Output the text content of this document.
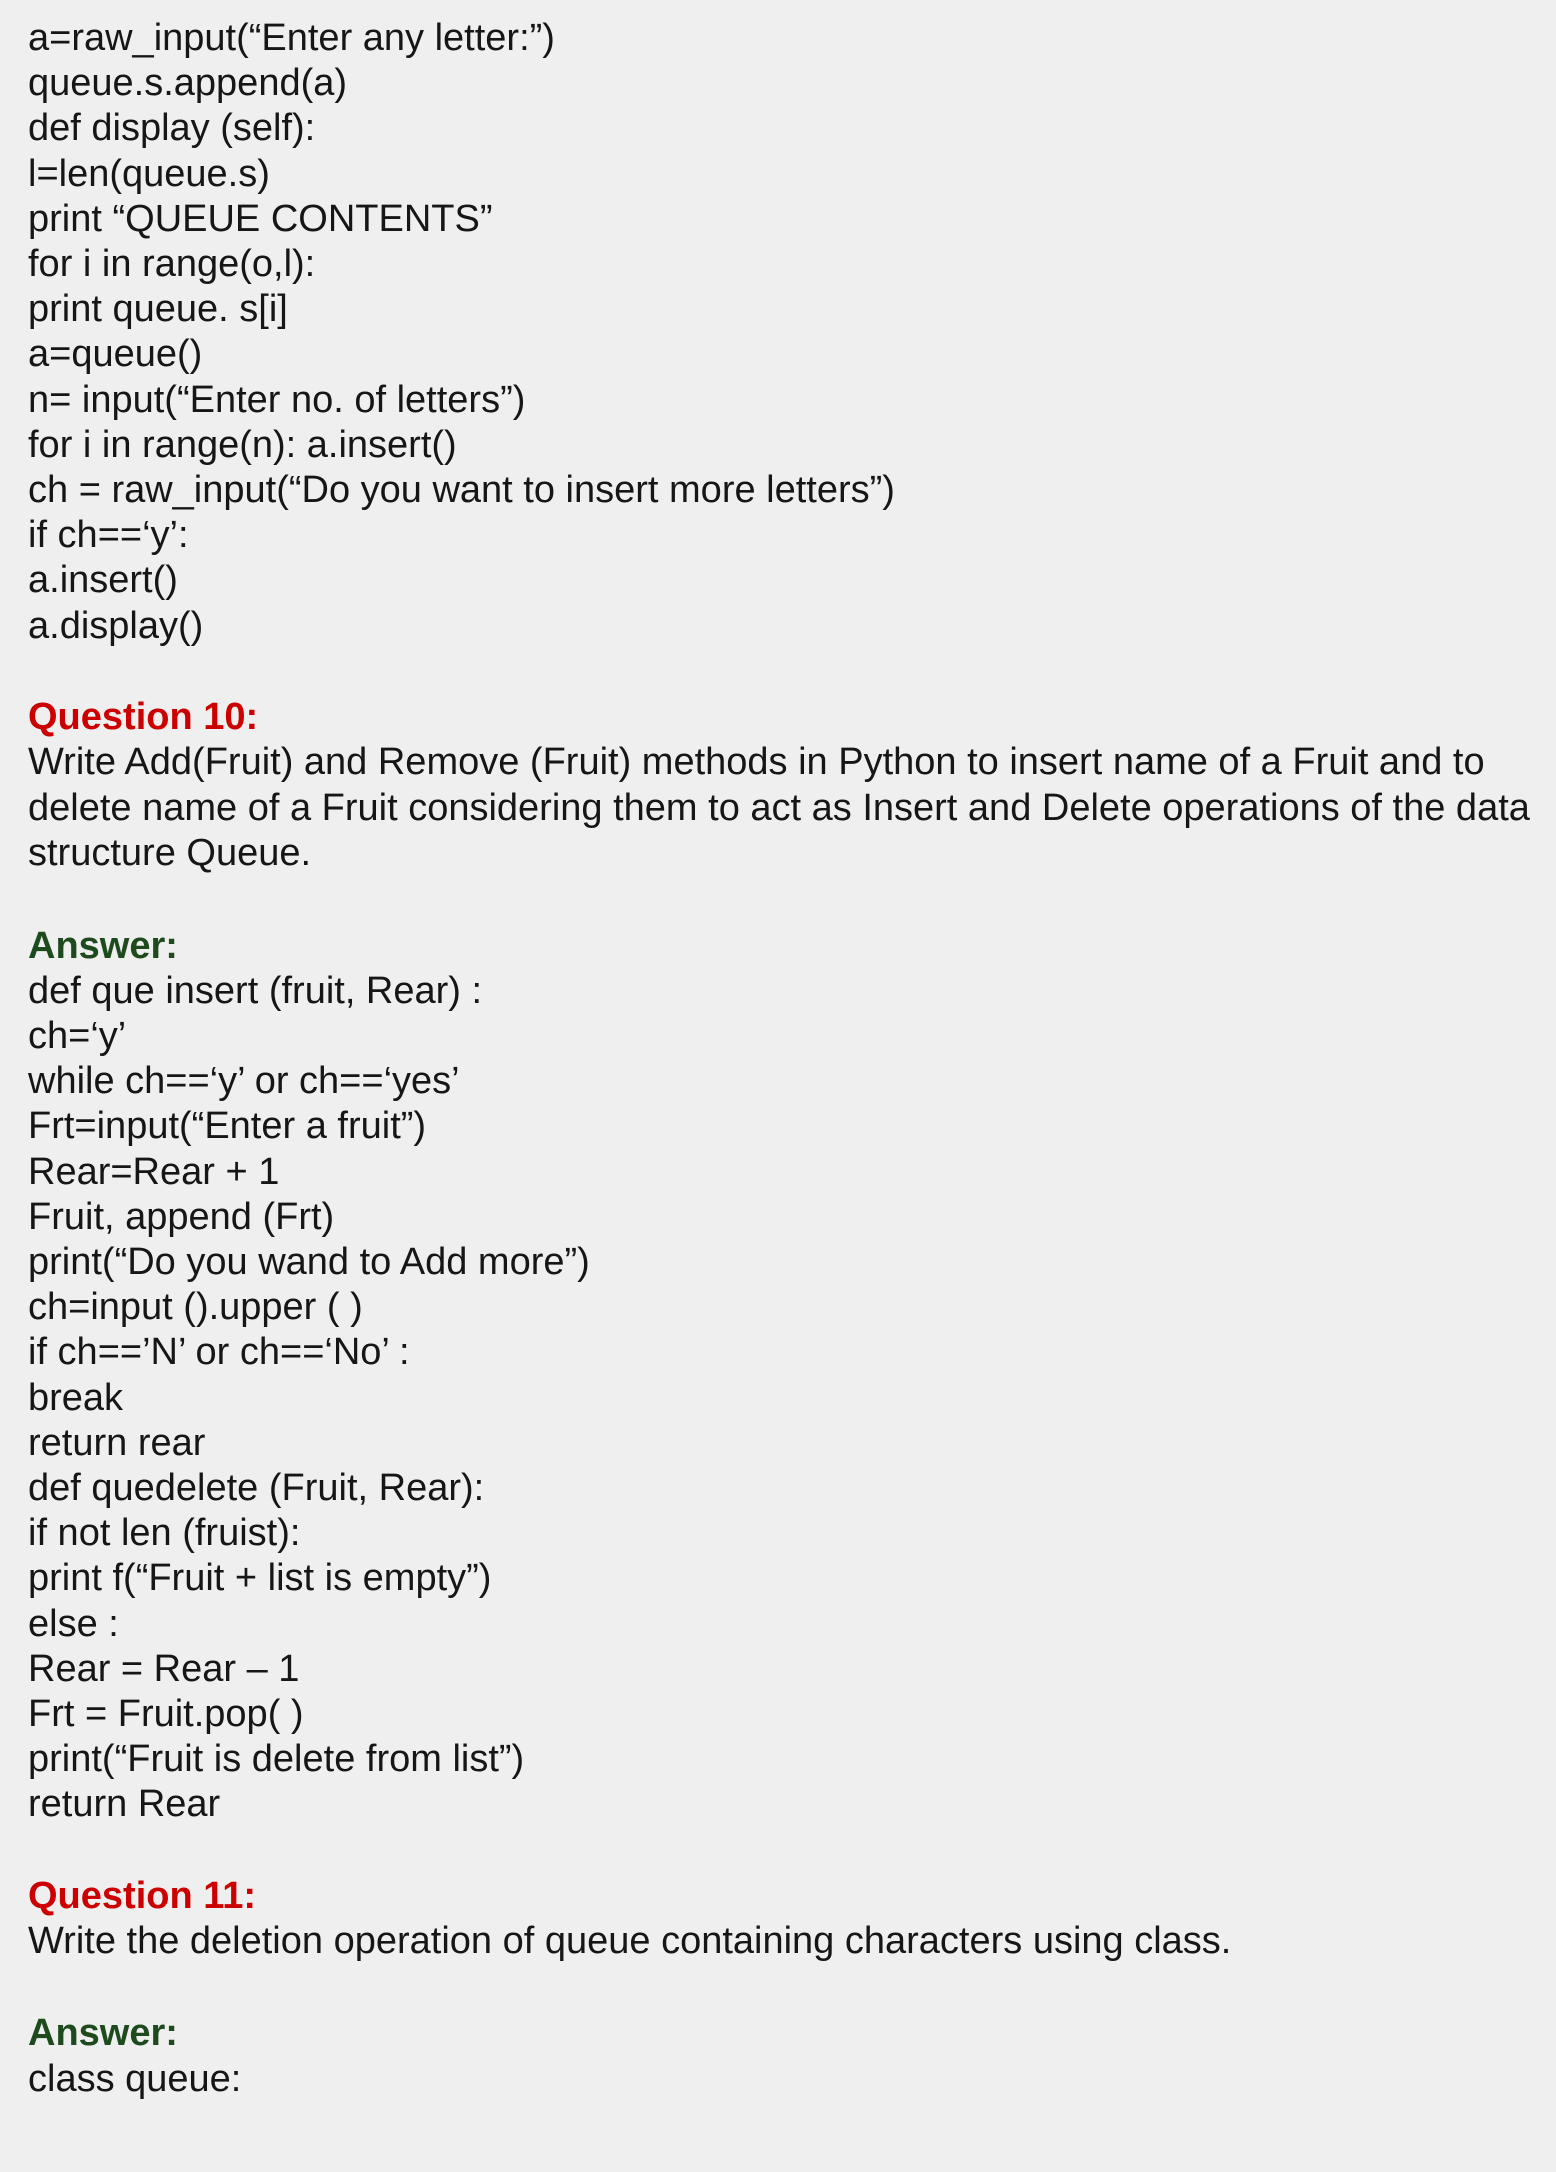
a=raw_input(“Enter any letter:”)
queue.s.append(a)
def display (self):
l=len(queue.s)
print “QUEUE CONTENTS”
for i in range(o,l):
print queue. s[i]
a=queue()
n= input(“Enter no. of letters”)
for i in range(n): a.insert()
ch = raw_input(“Do you want to insert more letters”)
if ch==‘y’:
a.insert()
a.display()
Question 10:
Write Add(Fruit) and Remove (Fruit) methods in Python to insert name of a Fruit and to delete name of a Fruit considering them to act as Insert and Delete operations of the data structure Queue.
Answer:
def que insert (fruit, Rear) :
ch=‘y’
while ch==‘y’ or ch==‘yes’
Frt=input(“Enter a fruit”)
Rear=Rear + 1
Fruit, append (Frt)
print(“Do you wand to Add more”)
ch=input ().upper ( )
if ch==’N’ or ch==‘No’ :
break
return rear
def quedelete (Fruit, Rear):
if not len (fruist):
print f(“Fruit + list is empty”)
else :
Rear = Rear – 1
Frt = Fruit.pop( )
print(“Fruit is delete from list”)
return Rear
Question 11:
Write the deletion operation of queue containing characters using class.
Answer:
class queue:
